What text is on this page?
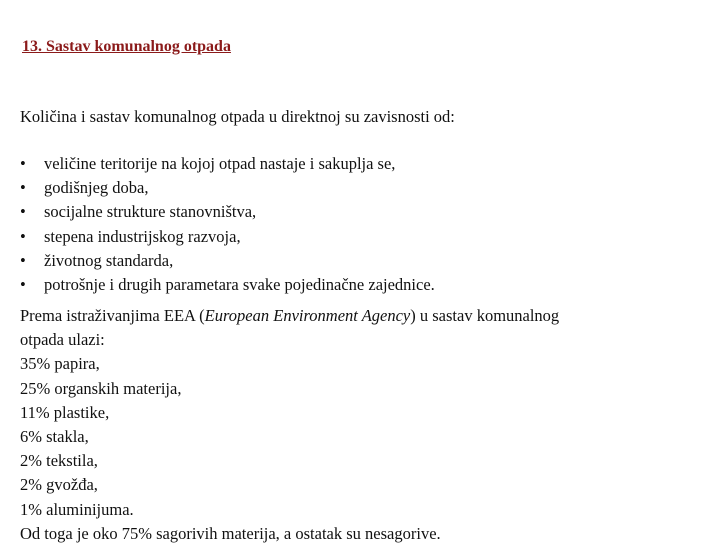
13. Sastav komunalnog otpada
Količina i sastav komunalnog otpada u direktnoj su zavisnosti od:
•	veličine teritorije na kojoj otpad nastaje i sakuplja se,
•	godišnjeg doba,
•	socijalne strukture stanovništva,
•	stepena industrijskog razvoja,
•	životnog standarda,
•	potrošnje i drugih parametara svake pojedinačne zajednice.
Prema istraživanjima EEA (European Environment Agency) u sastav komunalnog
otpada ulazi:
35% papira,
25% organskih materija,
11% plastike,
6% stakla,
2% tekstila,
2% gvožđa,
1% aluminijuma.
Od toga je oko 75% sagorivih materija, a ostatak su nesagorive.
